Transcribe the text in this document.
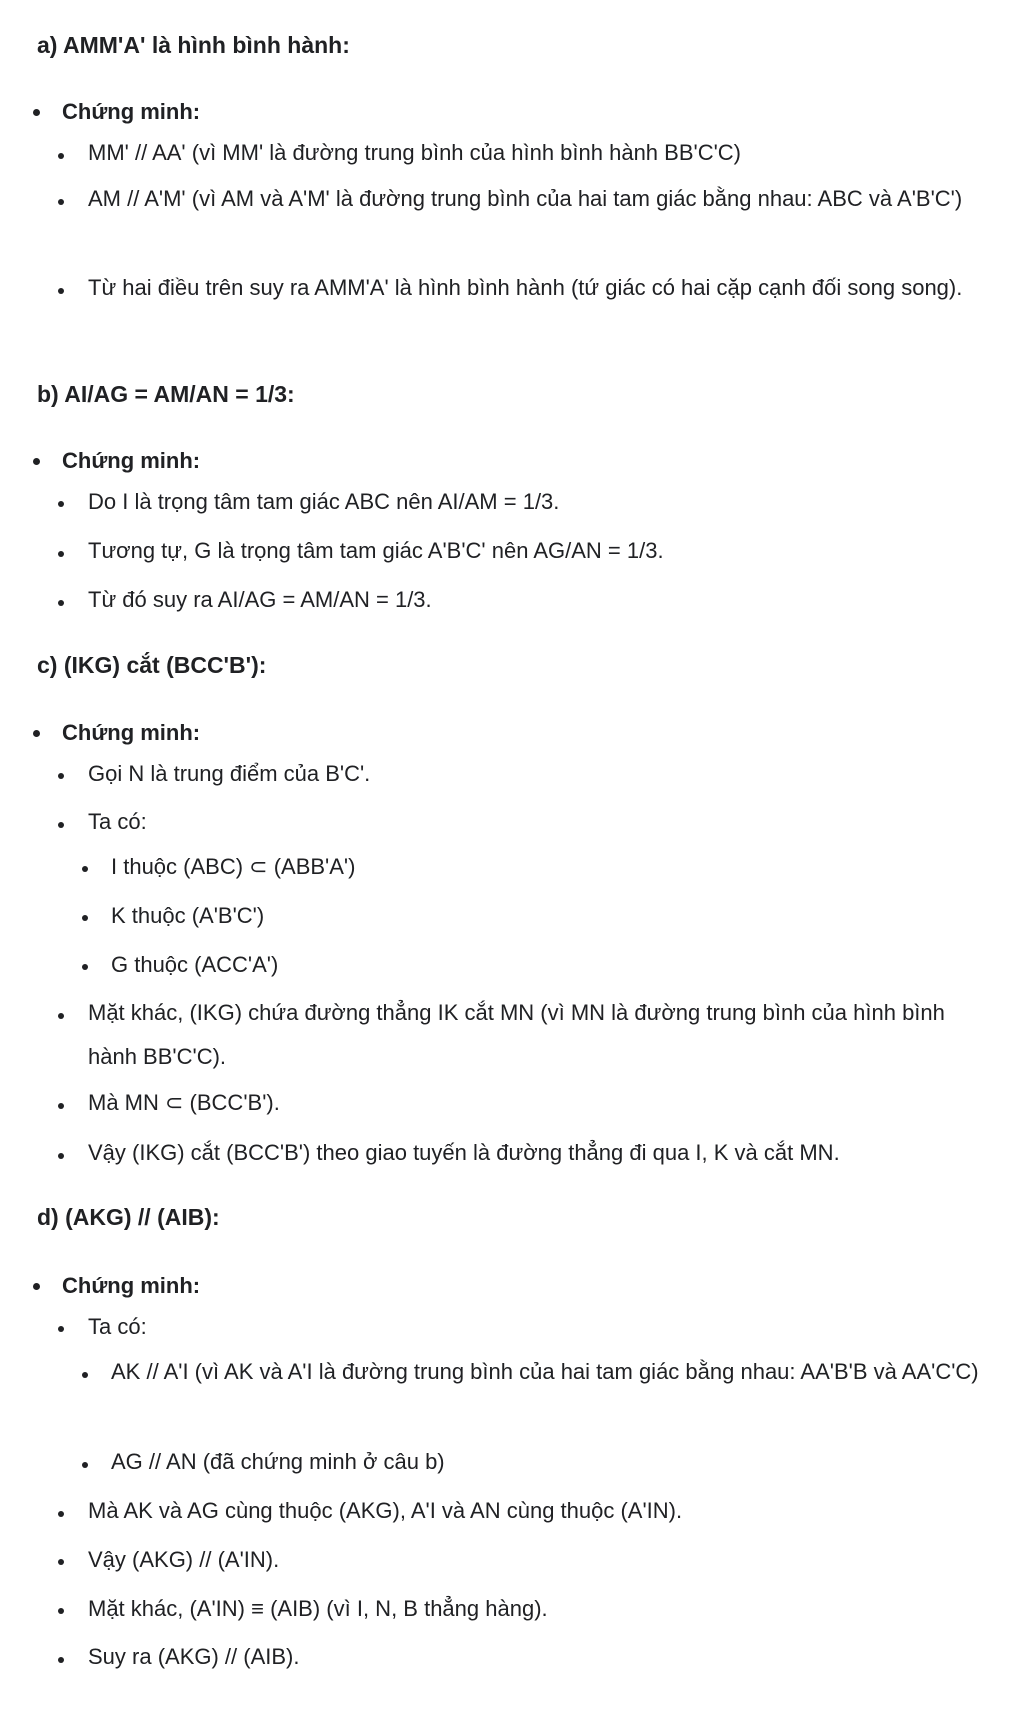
a) AMM'A' là hình bình hành:
Chứng minh:
MM' // AA' (vì MM' là đường trung bình của hình bình hành BB'C'C)
AM // A'M' (vì AM và A'M' là đường trung bình của hai tam giác bằng nhau: ABC và A'B'C')
Từ hai điều trên suy ra AMM'A' là hình bình hành (tứ giác có hai cặp cạnh đối song song).
b) AI/AG = AM/AN = 1/3:
Chứng minh:
Do I là trọng tâm tam giác ABC nên AI/AM = 1/3.
Tương tự, G là trọng tâm tam giác A'B'C' nên AG/AN = 1/3.
Từ đó suy ra AI/AG = AM/AN = 1/3.
c) (IKG) cắt (BCC'B'):
Chứng minh:
Gọi N là trung điểm của B'C'.
Ta có:
I thuộc (ABC) ⊂ (ABB'A')
K thuộc (A'B'C')
G thuộc (ACC'A')
Mặt khác, (IKG) chứa đường thẳng IK cắt MN (vì MN là đường trung bình của hình bình hành BB'C'C).
Mà MN ⊂ (BCC'B').
Vậy (IKG) cắt (BCC'B') theo giao tuyến là đường thẳng đi qua I, K và cắt MN.
d) (AKG) // (AIB):
Chứng minh:
Ta có:
AK // A'I (vì AK và A'I là đường trung bình của hai tam giác bằng nhau: AA'B'B và AA'C'C)
AG // AN (đã chứng minh ở câu b)
Mà AK và AG cùng thuộc (AKG), A'I và AN cùng thuộc (A'IN).
Vậy (AKG) // (A'IN).
Mặt khác, (A'IN) ≡ (AIB) (vì I, N, B thẳng hàng).
Suy ra (AKG) // (AIB).
